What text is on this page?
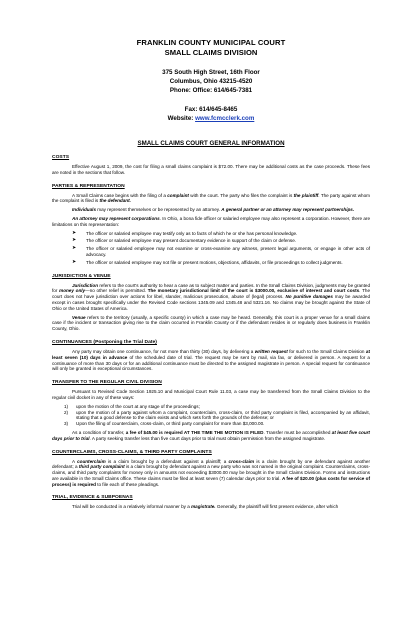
FRANKLIN COUNTY MUNICIPAL COURT
SMALL CLAIMS DIVISION
375 South High Street, 16th Floor
Columbus, Ohio 43215-4520
Phone: Office: 614/645-7381
Fax: 614/645-8465
Website: www.fcmcclerk.com
SMALL CLAIMS COURT GENERAL INFORMATION
COSTS

Effective August 1, 2009, the cost for filing a small claims complaint is $72.00. There may be additional costs as the case proceeds. These fees are noted in the sections that follow.

PARTIES & REPRESENTATION

A Small Claims case begins with the filing of a complaint with the court. The party who files the complaint is the plaintiff. The party against whom the complaint is filed is the defendant.

Individuals may represent themselves or be represented by an attorney. A general partner or an attorney may represent partnerships.

An attorney may represent corporations. In Ohio, a bona fide officer or salaried employee may also represent a corporation. However, there are limitations on this representation:

➤ The officer or salaried employee may testify only as to facts of which he or she has personal knowledge.
➤ The officer or salaried employee may present documentary evidence in support of the claim or defense.
➤ The officer or salaried employee may not examine or cross-examine any witness, present legal arguments, or engage in other acts of advocacy.
➤ The officer or salaried employee may not file or present motions, objections, affidavits, or file proceedings to collect judgments.
JURISDICTION & VENUE

Jurisdiction refers to the court's authority to hear a case as to subject matter and parties. In the Small Claims Division, judgments may be granted for money only—no other relief is permitted. The monetary jurisdictional limit of the court is $3000.00, exclusive of interest and court costs. The court does not have jurisdiction over actions for libel, slander, malicious prosecution, abuse of (legal) process. No punitive damages may be awarded except in cases brought specifically under the Revised Code sections 1345.09 and 1345.48 and 5321.16. No claims may be brought against the State of Ohio or the United States of America.

Venue refers to the territory (usually, a specific county) in which a case may be heard. Generally, this court is a proper venue for a small claims case if the incident or transaction giving rise to the claim occurred in Franklin County or if the defendant resides in or regularly does business in Franklin County, Ohio.

CONTINUANCES (Postponing the Trial Date)

Any party may obtain one continuance, for not more than thirty (30) days, by delivering a written request for such to the Small Claims Division at least seven (10) days in advance of the scheduled date of trial. The request may be sent by mail, via fax, or delivered in person. A request for a continuance of more than 30 days or for an additional continuance must be directed to the assigned magistrate in person. A special request for continuance will only be granted in exceptional circumstances.

TRANSFER TO THE REGULAR CIVIL DIVISION

Pursuant to Revised Code Section 1925.10 and Municipal Court Rule 11.03, a case may be transferred from the Small Claims Division to the regular civil docket in any of these ways:

1) upon the motion of the court at any stage of the proceedings;
2) upon the motion of a party against whom a complaint, counterclaim, cross-claim, or third party complaint is filed, accompanied by an affidavit, stating that a good defense to the claim exists and which sets forth the grounds of the defense; or
3) Upon the filing of counterclaim, cross-claim, or third party complaint for more than $3,000.00.

As a condition of transfer, a fee of $45.00 is required AT THE TIME THE MOTION IS FILED. Transfer must be accomplished at least five court days prior to trial. A party seeking transfer less than five court days prior to trial must obtain permission from the assigned magistrate.

COUNTERCLAIMS, CROSS-CLAIMS, & THIRD PARTY COMPLAINTS

A counterclaim is a claim brought by a defendant against a plaintiff; a cross-claim is a claim brought by one defendant against another defendant; a third party complaint is a claim brought by defendant against a new party who was not named in the original complaint. Counterclaims, cross-claims, and third party complaints for money only in amounts not exceeding $3000.00 may be brought in the Small Claims Division. Forms and instructions are available in the Small Claims office. These claims must be filed at least seven (7) calendar days prior to trial. A fee of $20.00 (plus costs for service of process) is required to file each of these pleadings.

TRIAL, EVIDENCE & SUBPOENAS

Trial will be conducted in a relatively informal manner by a magistrate. Generally, the plaintiff will first present evidence, after which
